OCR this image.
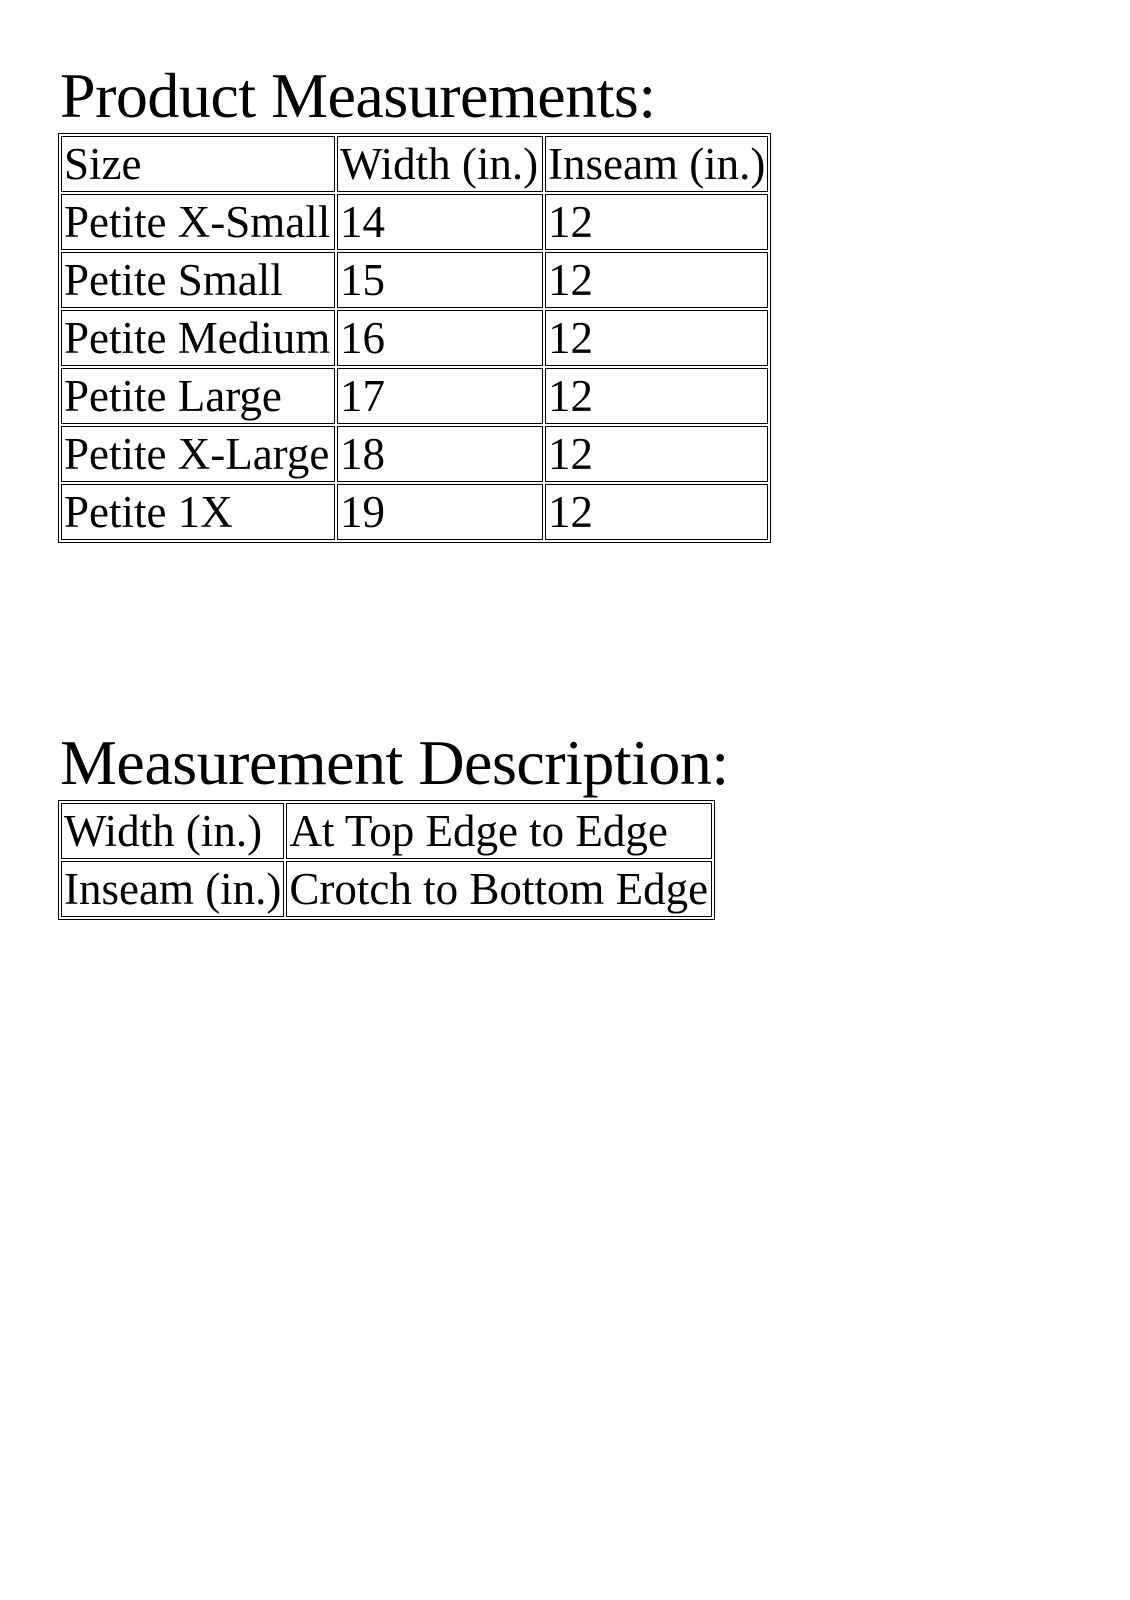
Product Measurements:
Size	Width (in.)	Inseam (in.)
Petite X-Small	14	12
Petite Small	15	12
Petite Medium	16	12
Petite Large	17	12
Petite X-Large	18	12
Petite 1X	19	12
Measurement Description:
Width (in.)	At Top Edge to Edge
Inseam (in.)	Crotch to Bottom Edge
